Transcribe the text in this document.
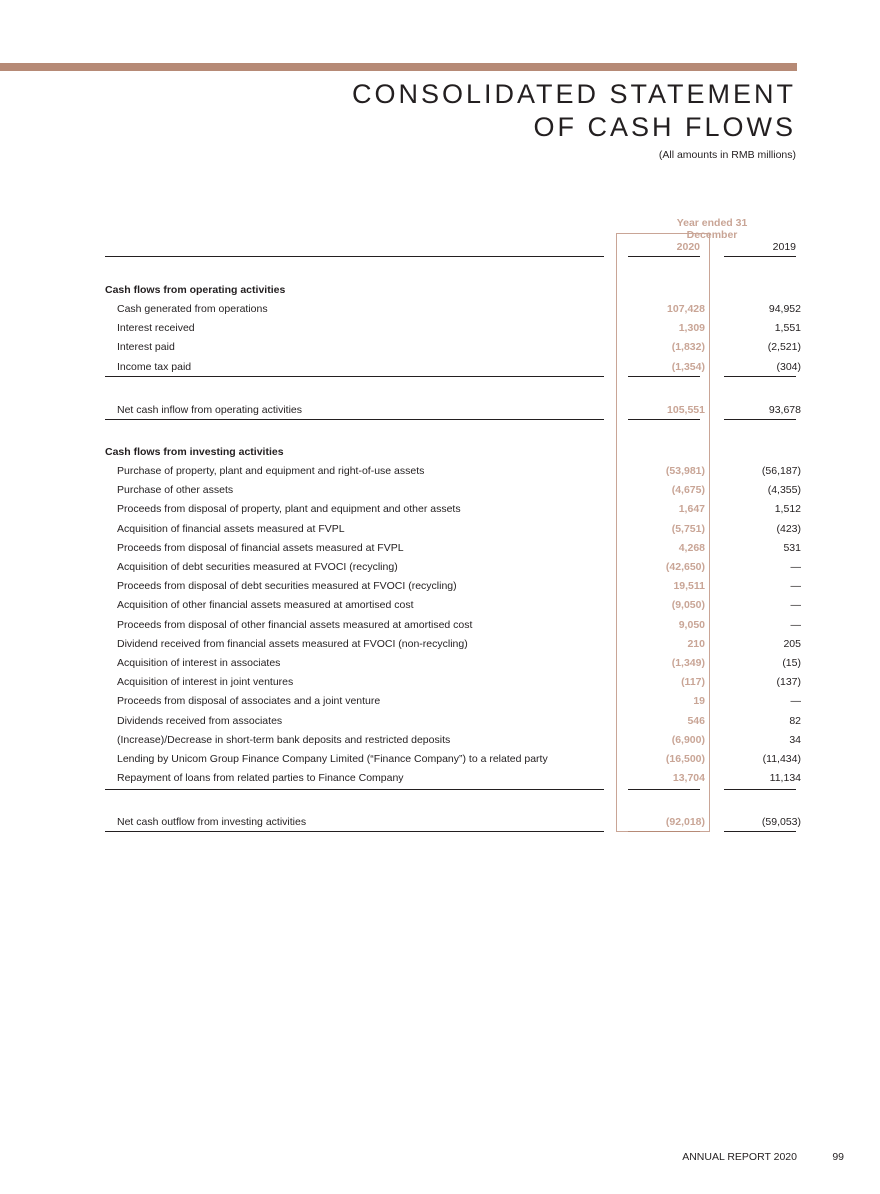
CONSOLIDATED STATEMENT
OF CASH FLOWS
(All amounts in RMB millions)
Year ended 31 December
2020	2019
Cash flows from operating activities
Cash generated from operations	107,428	94,952
Interest received	1,309	1,551
Interest paid	(1,832)	(2,521)
Income tax paid	(1,354)	(304)
Net cash inflow from operating activities	105,551	93,678
Cash flows from investing activities
Purchase of property, plant and equipment and right-of-use assets	(53,981)	(56,187)
Purchase of other assets	(4,675)	(4,355)
Proceeds from disposal of property, plant and equipment and other assets	1,647	1,512
Acquisition of financial assets measured at FVPL	(5,751)	(423)
Proceeds from disposal of financial assets measured at FVPL	4,268	531
Acquisition of debt securities measured at FVOCI (recycling)	(42,650)	—
Proceeds from disposal of debt securities measured at FVOCI (recycling)	19,511	—
Acquisition of other financial assets measured at amortised cost	(9,050)	—
Proceeds from disposal of other financial assets measured at amortised cost	9,050	—
Dividend received from financial assets measured at FVOCI (non-recycling)	210	205
Acquisition of interest in associates	(1,349)	(15)
Acquisition of interest in joint ventures	(117)	(137)
Proceeds from disposal of associates and a joint venture	19	—
Dividends received from associates	546	82
(Increase)/Decrease in short-term bank deposits and restricted deposits	(6,900)	34
Lending by Unicom Group Finance Company Limited (“Finance Company”) to a related party	(16,500)	(11,434)
Repayment of loans from related parties to Finance Company	13,704	11,134
Net cash outflow from investing activities	(92,018)	(59,053)
ANNUAL REPORT 2020	99
